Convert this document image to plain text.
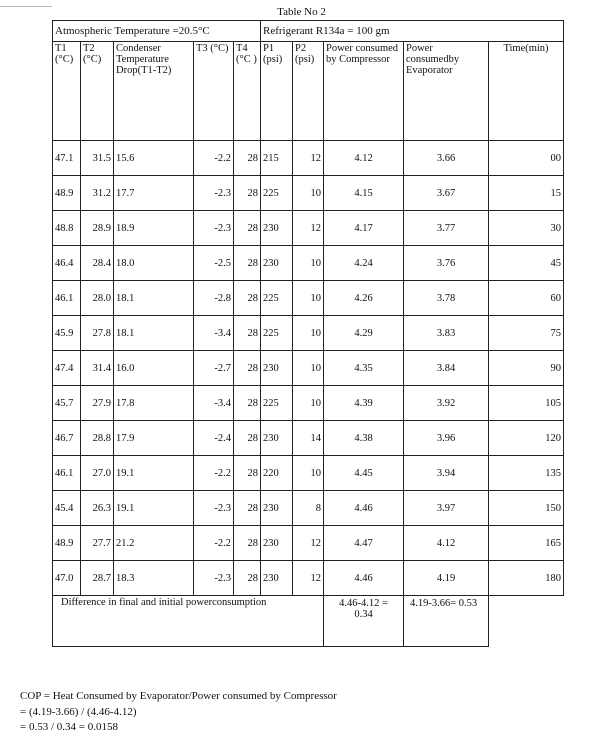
Table No 2
Atmospheric Temperature =20.5°C					Refrigerant R134a = 100 gm				
T1 (°C)	T2 (°C)	Condenser Temperature Drop(T1-T2)	T3 (°C)	T4 (°C )	P1 (psi)	P2 (psi)	Power consumed by Compressor	Power consumedby Evaporator	Time(min)
47.1	31.5	15.6	-2.2	28	215	12	4.12	3.66	00
48.9	31.2	17.7	-2.3	28	225	10	4.15	3.67	15
48.8	28.9	18.9	-2.3	28	230	12	4.17	3.77	30
46.4	28.4	18.0	-2.5	28	230	10	4.24	3.76	45
46.1	28.0	18.1	-2.8	28	225	10	4.26	3.78	60
45.9	27.8	18.1	-3.4	28	225	10	4.29	3.83	75
47.4	31.4	16.0	-2.7	28	230	10	4.35	3.84	90
45.7	27.9	17.8	-3.4	28	225	10	4.39	3.92	105
46.7	28.8	17.9	-2.4	28	230	14	4.38	3.96	120
46.1	27.0	19.1	-2.2	28	220	10	4.45	3.94	135
45.4	26.3	19.1	-2.3	28	230	8	4.46	3.97	150
48.9	27.7	21.2	-2.2	28	230	12	4.47	4.12	165
47.0	28.7	18.3	-2.3	28	230	12	4.46	4.19	180
Difference in final and initial powerconsumption							4.46-4.12 = 0.34	4.19-3.66= 0.53	
COP = Heat Consumed by Evaporator/Power consumed by Compressor
= (4.19-3.66) / (4.46-4.12)
= 0.53 / 0.34 = 0.0158
